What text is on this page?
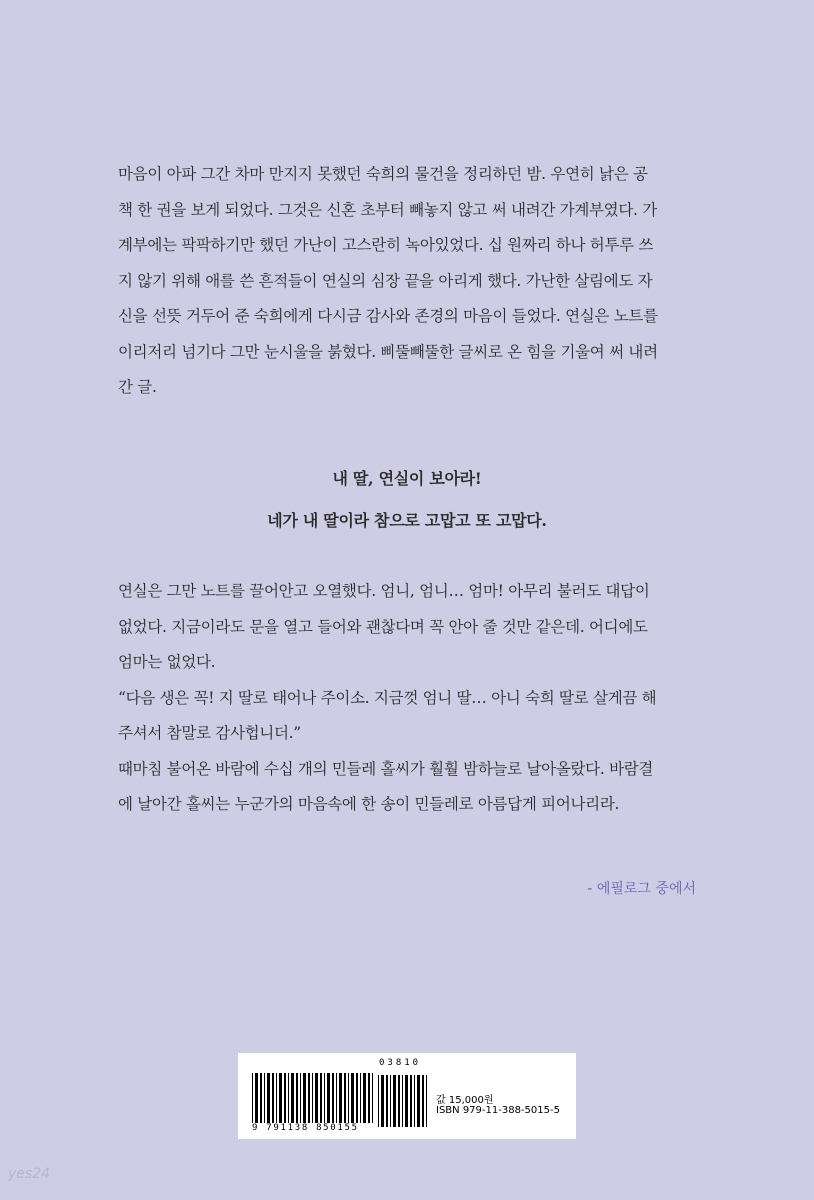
마음이 아파 그간 차마 만지지 못했던 숙희의 물건을 정리하던 밤. 우연히 낡은 공
책 한 권을 보게 되었다. 그것은 신혼 초부터 빼놓지 않고 써 내려간 가계부였다. 가
계부에는 팍팍하기만 했던 가난이 고스란히 녹아있었다. 십 원짜리 하나 허투루 쓰
지 않기 위해 애를 쓴 흔적들이 연실의 심장 끝을 아리게 했다. 가난한 살림에도 자
신을 선뜻 거두어 준 숙희에게 다시금 감사와 존경의 마음이 들었다. 연실은 노트를
이리저리 넘기다 그만 눈시울을 붉혔다. 삐뚤빼뚤한 글씨로 온 힘을 기울여 써 내려
간 글.
내 딸, 연실이 보아라!
네가 내 딸이라 참으로 고맙고 또 고맙다.
연실은 그만 노트를 끌어안고 오열했다. 엄니, 엄니… 엄마! 아무리 불러도 대답이
없었다. 지금이라도 문을 열고 들어와 괜찮다며 꼭 안아 줄 것만 같은데. 어디에도
엄마는 없었다.
“다음 생은 꼭! 지 딸로 태어나 주이소. 지금껏 엄니 딸… 아니 숙희 딸로 살게끔 해
주셔서 참말로 감사헙니더.”
때마침 불어온 바람에 수십 개의 민들레 홀씨가 훨훨 밤하늘로 날아올랐다. 바람결
에 날아간 홀씨는 누군가의 마음속에 한 송이 민들레로 아름답게 피어나리라.
- 에필로그 중에서
9 791138 850155
03810
값 15,000원
ISBN 979-11-388-5015-5
yes24
